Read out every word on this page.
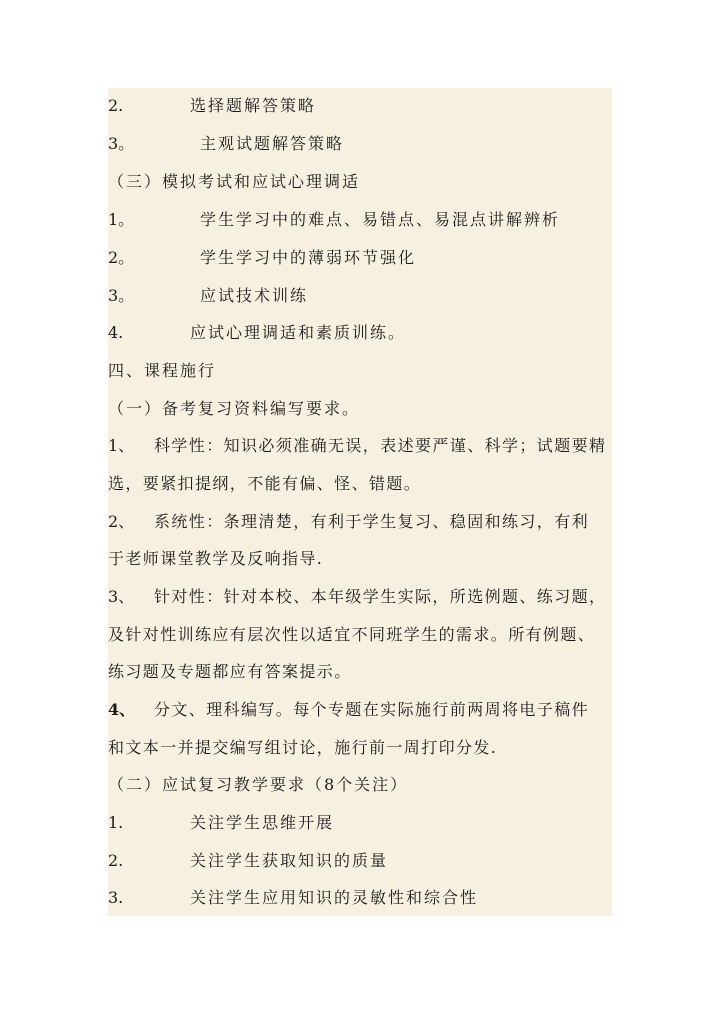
2.	选择题解答策略
3。	主观试题解答策略
（三）模拟考试和应试心理调适
1。	学生学习中的难点、易错点、易混点讲解辨析
2。	学生学习中的薄弱环节强化
3。	应试技术训练
4.	应试心理调适和素质训练。
四、课程施行
（一）备考复习资料编写要求。
1、 科学性：知识必须准确无误，表述要严谨、科学；试题要精
选，要紧扣提纲，不能有偏、怪、错题。
2、 系统性：条理清楚，有利于学生复习、稳固和练习，有利
于老师课堂教学及反响指导.
3、 针对性：针对本校、本年级学生实际，所选例题、练习题，
及针对性训练应有层次性以适宜不同班学生的需求。所有例题、
练习题及专题都应有答案提示。
4、 分文、理科编写。每个专题在实际施行前两周将电子稿件
和文本一并提交编写组讨论，施行前一周打印分发.
（二）应试复习教学要求（8个关注）
1.	关注学生思维开展
2.	关注学生获取知识的质量
3.	关注学生应用知识的灵敏性和综合性
